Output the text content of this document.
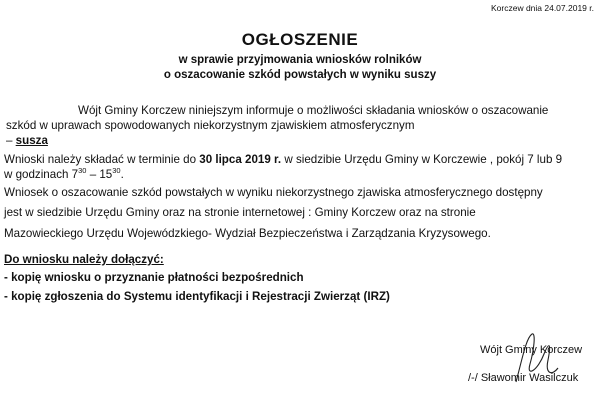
Korczew dnia 24.07.2019 r.
OGŁOSZENIE
w sprawie przyjmowania wniosków rolników
o oszacowanie szkód powstałych w wyniku suszy
Wójt Gminy Korczew niniejszym informuje o możliwości składania wniosków o oszacowanie
szkód w uprawach spowodowanych niekorzystnym zjawiskiem atmosferycznym
– susza
Wnioski należy składać w terminie do 30 lipca 2019 r. w siedzibie Urzędu Gminy w Korczewie , pokój 7 lub 9
w godzinach $7^{30} - 15^{30}$.
Wniosek o oszacowanie szkód powstałych w wyniku niekorzystnego zjawiska atmosferycznego dostępny
jest w siedzibie Urzędu Gminy oraz na stronie internetowej : Gminy Korczew oraz na stronie
Mazowieckiego Urzędu Wojewódzkiego- Wydział Bezpieczeństwa i Zarządzania Kryzysowego.
Do wniosku należy dołączyć:
- kopię wniosku o przyznanie płatności bezpośrednich
- kopię zgłoszenia do Systemu identyfikacji i Rejestracji Zwierząt (IRZ)
Wójt Gminy Korczew
/-/ Sławomir Wasilczuk
